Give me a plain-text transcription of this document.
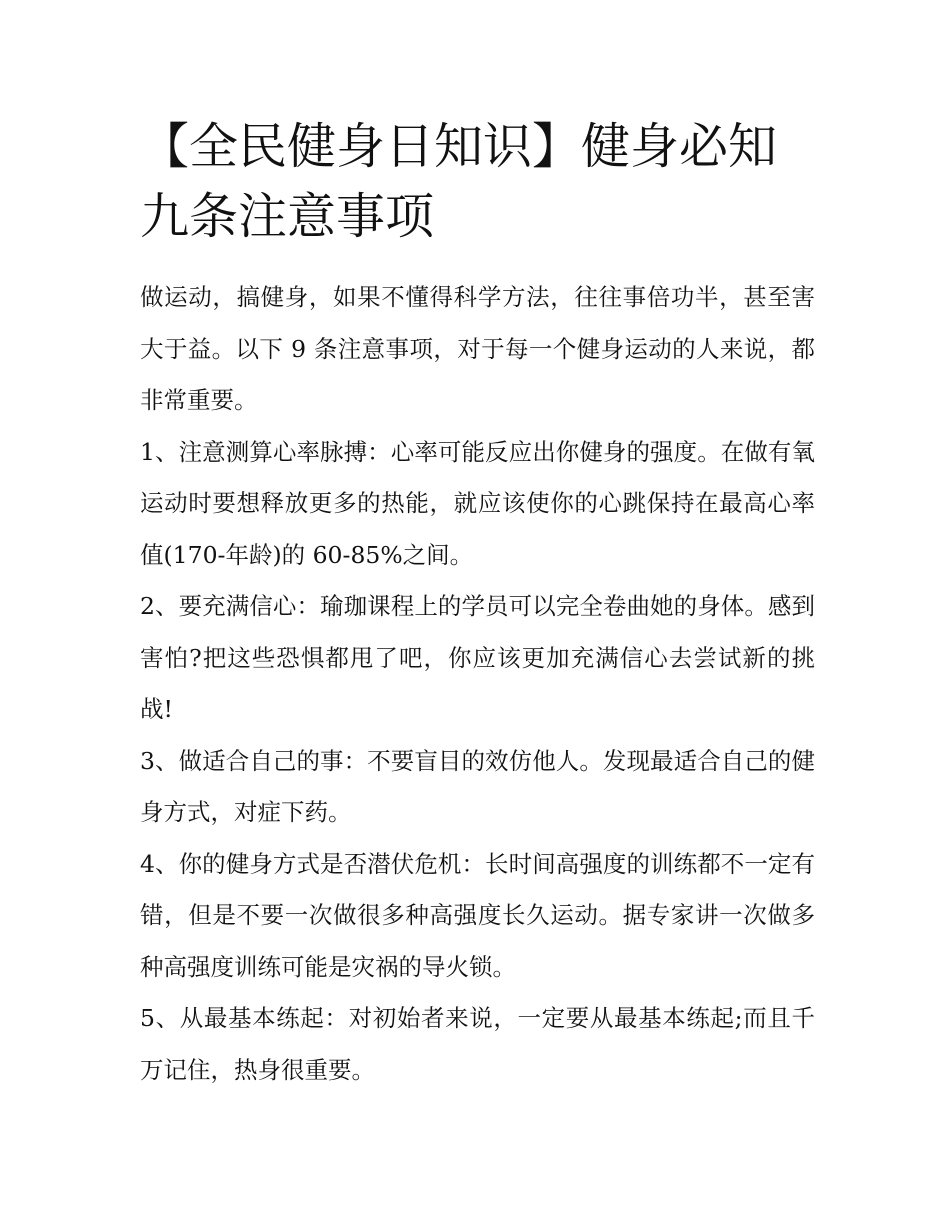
【全民健身日知识】健身必知九条注意事项

做运动，搞健身，如果不懂得科学方法，往往事倍功半，甚至害大于益。以下 9 条注意事项，对于每一个健身运动的人来说，都非常重要。

1、注意测算心率脉搏：心率可能反应出你健身的强度。在做有氧运动时要想释放更多的热能，就应该使你的心跳保持在最高心率值(170-年龄)的 60-85%之间。

2、要充满信心：瑜珈课程上的学员可以完全卷曲她的身体。感到害怕?把这些恐惧都甩了吧，你应该更加充满信心去尝试新的挑战!

3、做适合自己的事：不要盲目的效仿他人。发现最适合自己的健身方式，对症下药。

4、你的健身方式是否潜伏危机：长时间高强度的训练都不一定有错，但是不要一次做很多种高强度长久运动。据专家讲一次做多种高强度训练可能是灾祸的导火锁。

5、从最基本练起：对初始者来说，一定要从最基本练起;而且千万记住，热身很重要。
